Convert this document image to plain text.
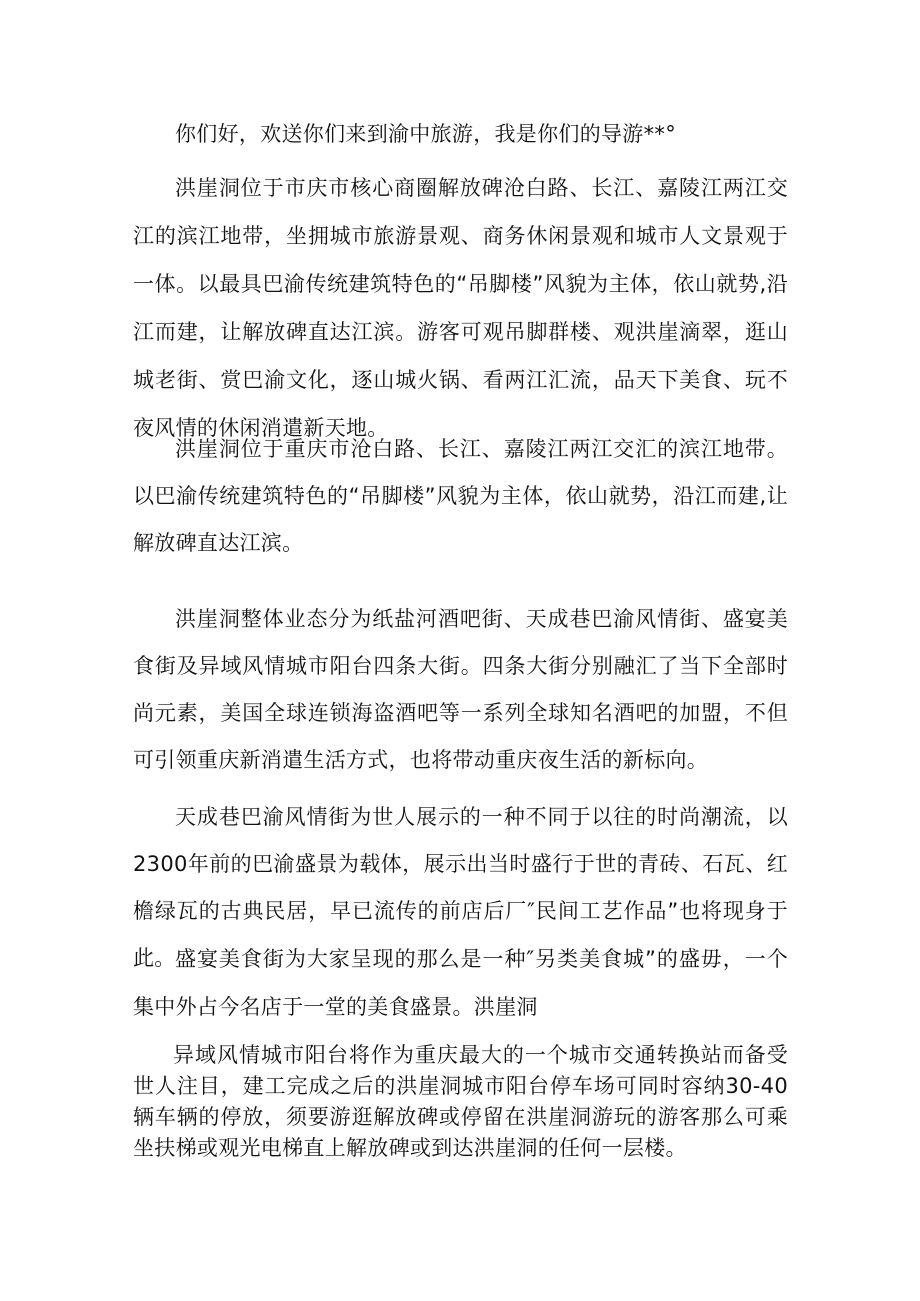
你们好，欢送你们来到渝中旅游，我是你们的导游**°

洪崖洞位于市庆市核心商圈解放碑沧白路、长江、嘉陵江两江交江的滨江地带，坐拥城市旅游景观、商务休闲景观和城市人文景观于一体。以最具巴渝传统建筑特色的“吊脚楼”风貌为主体，依山就势,沿江而建，让解放碑直达江滨。游客可观吊脚群楼、观洪崖滴翠，逛山城老街、赏巴渝文化，逐山城火锅、看两江汇流，品天下美食、玩不夜风情的休闲消遣新天地。

洪崖洞位于重庆市沧白路、长江、嘉陵江两江交汇的滨江地带。以巴渝传统建筑特色的“吊脚楼”风貌为主体，依山就势，沿江而建,让解放碑直达江滨。

洪崖洞整体业态分为纸盐河酒吧街、天成巷巴渝风情街、盛宴美食街及异域风情城市阳台四条大街。四条大街分别融汇了当下全部时尚元素，美国全球连锁海盗酒吧等一系列全球知名酒吧的加盟，不但可引领重庆新消遣生活方式，也将带动重庆夜生活的新标向。

天成巷巴渝风情街为世人展示的一种不同于以往的时尚潮流，以2300年前的巴渝盛景为载体，展示出当时盛行于世的青砖、石瓦、红檐绿瓦的古典民居，早已流传的前店后厂″民间工艺作品”也将现身于此。 盛宴美食街为大家呈现的那么是一种″另类美食城”的盛毋，一个集中外占今名店于一堂的美食盛景。洪崖洞

异域风情城市阳台将作为重庆最大的一个城市交通转换站而备受世人注目，建工完成之后的洪崖洞城市阳台停车场可同时容纳30-40辆车辆的停放，须要游逛解放碑或停留在洪崖洞游玩的游客那么可乘坐扶梯或观光电梯直上解放碑或到达洪崖洞的任何一层楼。
